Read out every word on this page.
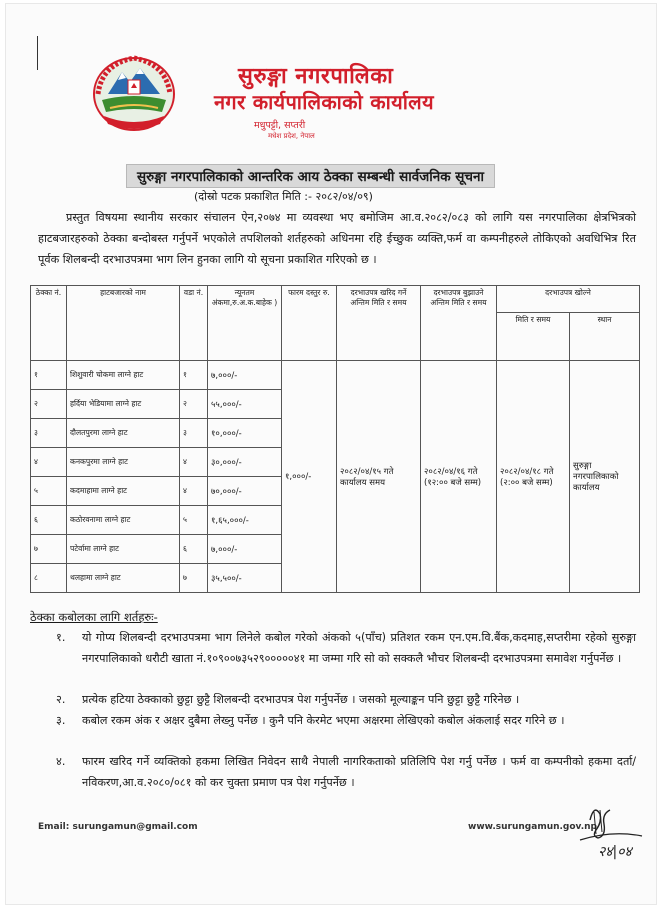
सुरुङ्गा नगरपालिका
नगर कार्यपालिकाको कार्यालय
मधुपट्टी, सप्तरी
मधेश प्रदेश, नेपाल
सुरुङ्गा नगरपालिकाको आन्तरिक आय ठेक्का सम्बन्धी सार्वजनिक सूचना
(दोस्रो पटक प्रकाशित मिति :- २०८२/०४/०९)
प्रस्तुत विषयमा स्थानीय सरकार संचालन ऐन,२०७४ मा व्यवस्था भए बमोजिम आ.व.२०८२/०८३ को लागि यस नगरपालिका क्षेत्रभित्रको हाटबजारहरुको ठेक्का बन्दोबस्त गर्नुपर्ने भएकोले तपशिलको शर्तहरुको अधिनमा रहि ईच्छुक व्यक्ति,फर्म वा कम्पनीहरुले तोकिएको अवधिभित्र रित पूर्वक शिलबन्दी दरभाउपत्रमा भाग लिन हुनका लागि यो सूचना प्रकाशित गरिएको छ ।
ठेक्का नं.	हाटबजारको नाम	वडा नं.	न्यूनतम अंकमा,रु.अ.क.बाहेक )	फारम दस्तुर रु.	दरभाउपत्र खरिद गर्ने अन्तिम मिति र समय	दरभाउपत्र बुझाउने अन्तिम मिति र समय	दरभाउपत्र खोल्ने	
							मिति र समय	स्थान
१	शिशुवारी चोकमा लाग्ने हाट	१	७,०००/-	१,०००/-	२०८२/०४/१५ गते कार्यालय समय	२०८२/०४/१६ गते (१२:०० बजे सम्म)	२०८२/०४/१८ गते (२:०० बजे सम्म)	सुरुङ्गा नगरपालिकाको कार्यालय
२	हर्दिया भेडियामा लाग्ने हाट	२	५५,०००/-					
३	दौलतपुरमा लाग्ने हाट	३	१०,०००/-					
४	कनकपुरमा लाग्ने हाट	४	३०,०००/-					
५	कदमाहामा लाग्ने हाट	४	७०,०००/-					
६	कठोरवनामा लाग्ने हाट	५	१,६५,०००/-					
७	पटेर्वामा लाग्ने हाट	६	७,०००/-					
८	थलहामा लाग्ने हाट	७	३५,५००/-					
ठेक्का कबोलका लागि शर्तहरुः-
१. यो गोप्य शिलबन्दी दरभाउपत्रमा भाग लिनेले कबोल गरेको अंकको ५(पाँच) प्रतिशत रकम एन.एम.वि.बैंक,कदमाह,सप्तरीमा रहेको सुरुङ्गा नगरपालिकाको धरौटी खाता नं.१०९००७३५२९०००००४१ मा जम्मा गरि सो को सक्कलै भौचर शिलबन्दी दरभाउपत्रमा समावेश गर्नुपर्नेछ ।
२. प्रत्येक हटिया ठेक्काको छुट्टा छुट्टै शिलबन्दी दरभाउपत्र पेश गर्नुपर्नेछ । जसको मूल्याङ्कन पनि छुट्टा छुट्टै गरिनेछ ।
३. कबोल रकम अंक र अक्षर दुबैमा लेख्नु पर्नेछ । कुनै पनि केरमेट भएमा अक्षरमा लेखिएको कबोल अंकलाई सदर गरिने छ ।
४. फारम खरिद गर्ने व्यक्तिको हकमा लिखित निवेदन साथै नेपाली नागरिकताको प्रतिलिपि पेश गर्नु पर्नेछ । फर्म वा कम्पनीको हकमा दर्ता/नविकरण,आ.व.२०८०/०८१ को कर चुक्ता प्रमाण पत्र पेश गर्नुपर्नेछ ।
Email: surungamun@gmail.com	www.surungamun.gov.np
२४|०४
